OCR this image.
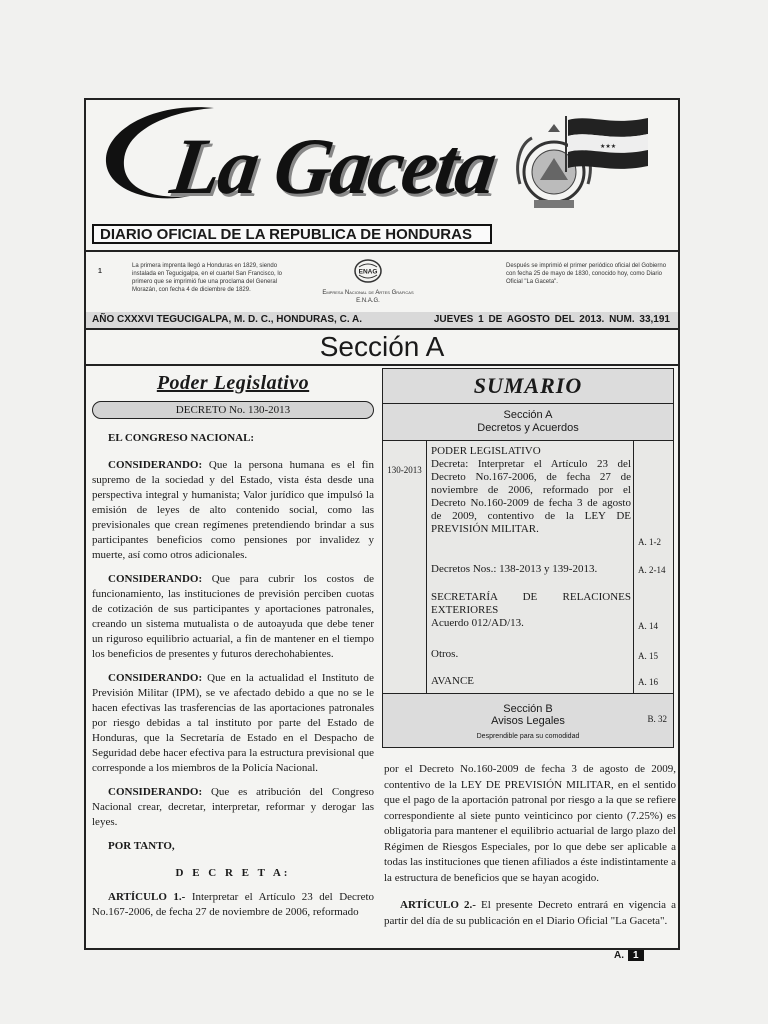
La Gaceta	★★★
DIARIO OFICIAL DE LA REPUBLICA DE HONDURAS
1
La primera imprenta llegó a Honduras en 1829, siendo instalada en Tegucigalpa, en el cuartel San Francisco, lo primero que se imprimió fue una proclama del General Morazán, con fecha 4 de diciembre de 1829.
ENAG
Empresa Nacional de Artes Graficas
E.N.A.G.
Después se imprimió el primer periódico oficial del Gobierno con fecha 25 de mayo de 1830, conocido hoy, como Diario Oficial "La Gaceta".
AÑO CXXXVI TEGUCIGALPA, M. D. C., HONDURAS, C. A.	JUEVES 1 DE AGOSTO DEL 2013. NUM. 33,191
Sección A
Poder Legislativo
DECRETO No. 130-2013

EL CONGRESO NACIONAL:

CONSIDERANDO: Que la persona humana es el fin supremo de la sociedad y del Estado, vista ésta desde una perspectiva integral y humanista; Valor jurídico que impulsó la emisión de leyes de alto contenido social, como las previsionales que crean regímenes pretendiendo brindar a sus participantes beneficios como pensiones por invalidez y muerte, así como otros adicionales.

CONSIDERANDO: Que para cubrir los costos de funcionamiento, las instituciones de previsión perciben cuotas de cotización de sus participantes y aportaciones patronales, creando un sistema mutualista o de autoayuda que debe tener un riguroso equilibrio actuarial, a fin de mantener en el tiempo los beneficios de presentes y futuros derechohabientes.

CONSIDERANDO: Que en la actualidad el Instituto de Previsión Militar (IPM), se ve afectado debido a que no se le hacen efectivas las trasferencias de las aportaciones patronales por riesgo debidas a tal instituto por parte del Estado de Honduras, que la Secretaría de Estado en el Despacho de Seguridad debe hacer efectiva para la estructura previsional que corresponde a los miembros de la Policía Nacional.

CONSIDERANDO: Que es atribución del Congreso Nacional crear, decretar, interpretar, reformar y derogar las leyes.

POR TANTO,

D E C R E T A:

ARTÍCULO 1.- Interpretar el Artículo 23 del Decreto No.167-2006, de fecha 27 de noviembre de 2006, reformado

SUMARIO
Sección A
Decretos y Acuerdos
130-2013
PODER LEGISLATIVO
Decreta: Interpretar el Artículo 23 del Decreto No.167-2006, de fecha 27 de noviembre de 2006, reformado por el Decreto No.160-2009 de fecha 3 de agosto de 2009, contentivo de la LEY DE PREVISIÓN MILITAR.
Decretos Nos.: 138-2013 y 139-2013.
SECRETARÍA DE RELACIONES EXTERIORES
Acuerdo 012/AD/13.
Otros.
AVANCE
A. 1-2
A. 2-14
A. 14
A. 15
A. 16
Sección B
Avisos Legales
Desprendible para su comodidad
B. 32

por el Decreto No.160-2009 de fecha 3 de agosto de 2009, contentivo de la LEY DE PREVISIÓN MILITAR, en el sentido que el pago de la aportación patronal por riesgo a la que se refiere correspondiente al siete punto veinticinco por ciento (7.25%) es obligatoria para mantener el equilibrio actuarial de largo plazo del Régimen de Riesgos Especiales, por lo que debe ser aplicable a todas las instituciones que tienen afiliados a éste indistintamente a la estructura de beneficios que se hayan acogido.

ARTÍCULO 2.- El presente Decreto entrará en vigencia a partir del día de su publicación en el Diario Oficial "La Gaceta".

A. 1
